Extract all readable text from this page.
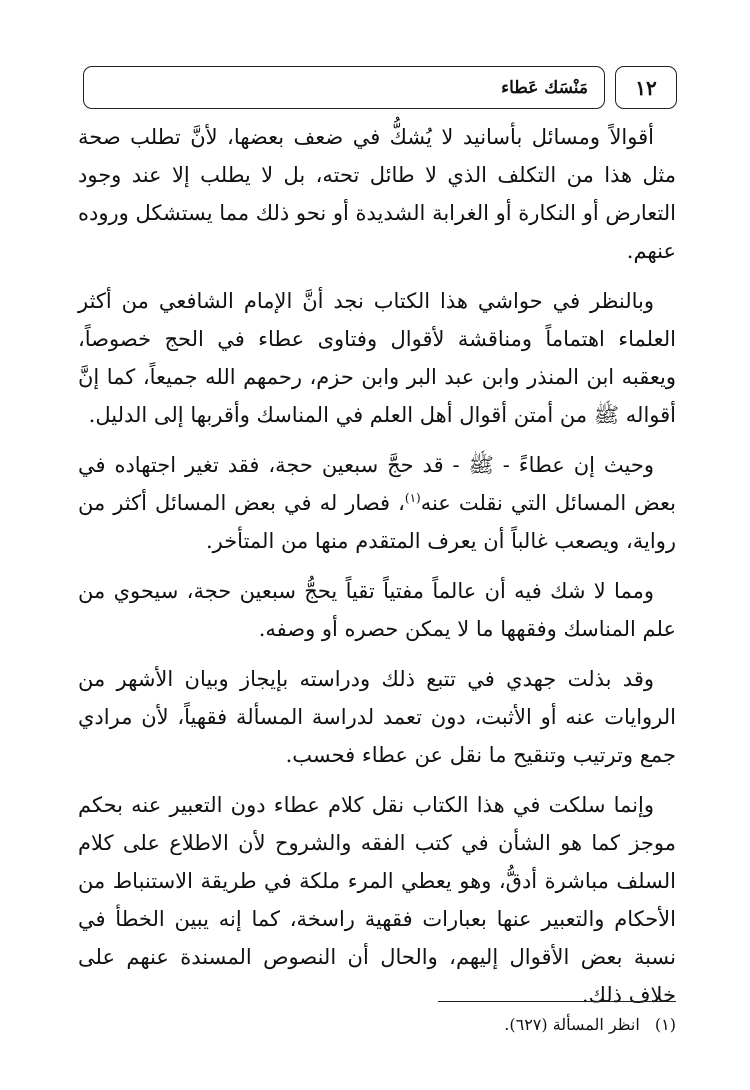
١٢
مَنْسَك عَطاء

أقوالاً ومسائل بأسانيد لا يُشكُّ في ضعف بعضها، لأنَّ تطلب صحة مثل هذا من التكلف الذي لا طائل تحته، بل لا يطلب إلا عند وجود التعارض أو النكارة أو الغرابة الشديدة أو نحو ذلك مما يستشكل وروده عنهم.

وبالنظر في حواشي هذا الكتاب نجد أنَّ الإمام الشافعي من أكثر العلماء اهتماماً ومناقشة لأقوال وفتاوى عطاء في الحج خصوصاً، ويعقبه ابن المنذر وابن عبد البر وابن حزم، رحمهم الله جميعاً، كما إنَّ أقواله ﷺ من أمتن أقوال أهل العلم في المناسك وأقربها إلى الدليل.

وحيث إن عطاءً - ﷺ - قد حجَّ سبعين حجة، فقد تغير اجتهاده في بعض المسائل التي نقلت عنه$^{(١)}$، فصار له في بعض المسائل أكثر من رواية، ويصعب غالباً أن يعرف المتقدم منها من المتأخر.

ومما لا شك فيه أن عالماً مفتياً تقياً يحجُّ سبعين حجة، سيحوي من علم المناسك وفقهها ما لا يمكن حصره أو وصفه.

وقد بذلت جهدي في تتبع ذلك ودراسته بإيجاز وبيان الأشهر من الروايات عنه أو الأثبت، دون تعمد لدراسة المسألة فقهياً، لأن مرادي جمع وترتيب وتنقيح ما نقل عن عطاء فحسب.

وإنما سلكت في هذا الكتاب نقل كلام عطاء دون التعبير عنه بحكم موجز كما هو الشأن في كتب الفقه والشروح لأن الاطلاع على كلام السلف مباشرة أدقُّ، وهو يعطي المرء ملكة في طريقة الاستنباط من الأحكام والتعبير عنها بعبارات فقهية راسخة، كما إنه يبين الخطأ في نسبة بعض الأقوال إليهم، والحال أن النصوص المسندة عنهم على خلاف ذلك.

(١) انظر المسألة (٦٢٧).
